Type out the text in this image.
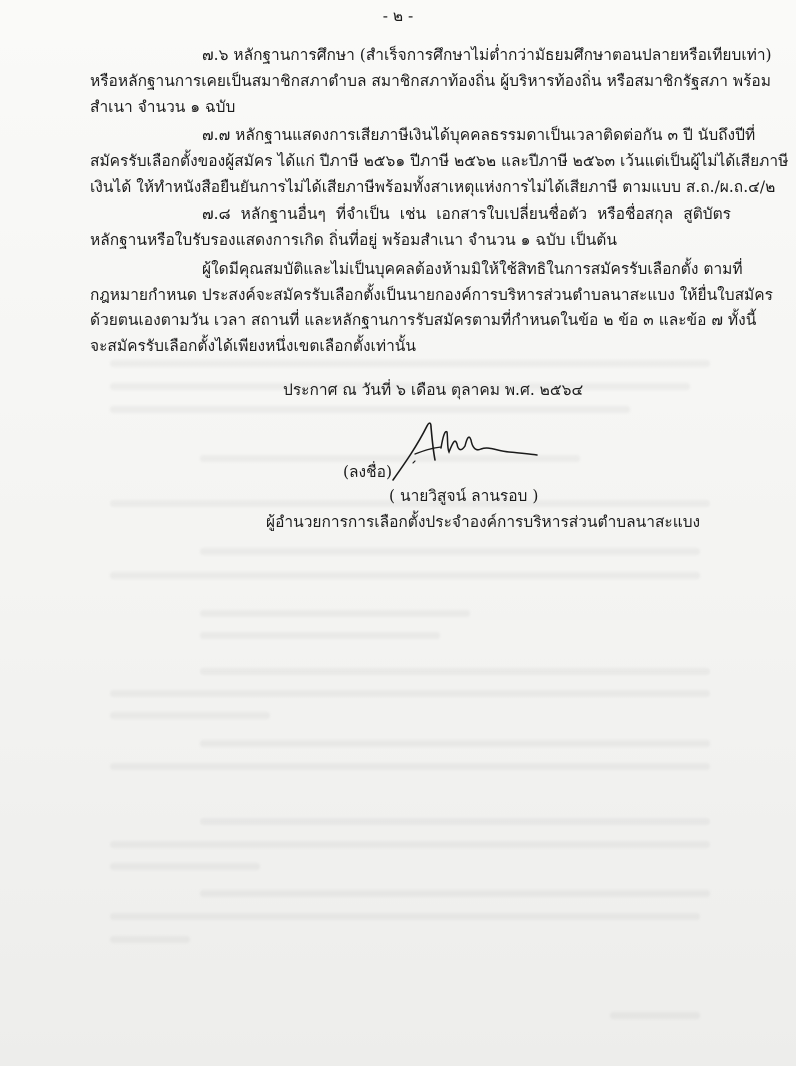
- ๒ -
๗.๖ หลักฐานการศึกษา (สำเร็จการศึกษาไม่ต่ำกว่ามัธยมศึกษาตอนปลายหรือเทียบเท่า)
หรือหลักฐานการเคยเป็นสมาชิกสภาตำบล สมาชิกสภาท้องถิ่น ผู้บริหารท้องถิ่น หรือสมาชิกรัฐสภา พร้อม
สำเนา จำนวน ๑ ฉบับ
๗.๗ หลักฐานแสดงการเสียภาษีเงินได้บุคคลธรรมดาเป็นเวลาติดต่อกัน ๓ ปี นับถึงปีที่
สมัครรับเลือกตั้งของผู้สมัคร ได้แก่ ปีภาษี ๒๕๖๑ ปีภาษี ๒๕๖๒ และปีภาษี ๒๕๖๓ เว้นแต่เป็นผู้ไม่ได้เสียภาษี
เงินได้ ให้ทำหนังสือยืนยันการไม่ได้เสียภาษีพร้อมทั้งสาเหตุแห่งการไม่ได้เสียภาษี ตามแบบ ส.ถ./ผ.ถ.๔/๒
๗.๘ หลักฐานอื่นๆ ที่จำเป็น เช่น เอกสารใบเปลี่ยนชื่อตัว หรือชื่อสกุล สูติบัตร
หลักฐานหรือใบรับรองแสดงการเกิด ถิ่นที่อยู่ พร้อมสำเนา จำนวน ๑ ฉบับ เป็นต้น
ผู้ใดมีคุณสมบัติและไม่เป็นบุคคลต้องห้ามมิให้ใช้สิทธิในการสมัครรับเลือกตั้ง ตามที่
กฎหมายกำหนด ประสงค์จะสมัครรับเลือกตั้งเป็นนายกองค์การบริหารส่วนตำบลนาสะแบง ให้ยื่นใบสมัคร
ด้วยตนเองตามวัน เวลา สถานที่ และหลักฐานการรับสมัครตามที่กำหนดในข้อ ๒ ข้อ ๓ และข้อ ๗ ทั้งนี้
จะสมัครรับเลือกตั้งได้เพียงหนึ่งเขตเลือกตั้งเท่านั้น
ประกาศ ณ วันที่ ๖ เดือน ตุลาคม พ.ศ. ๒๕๖๔
(ลงชื่อ)
( นายวิสูจน์ ลานรอบ )
ผู้อำนวยการการเลือกตั้งประจำองค์การบริหารส่วนตำบลนาสะแบง
